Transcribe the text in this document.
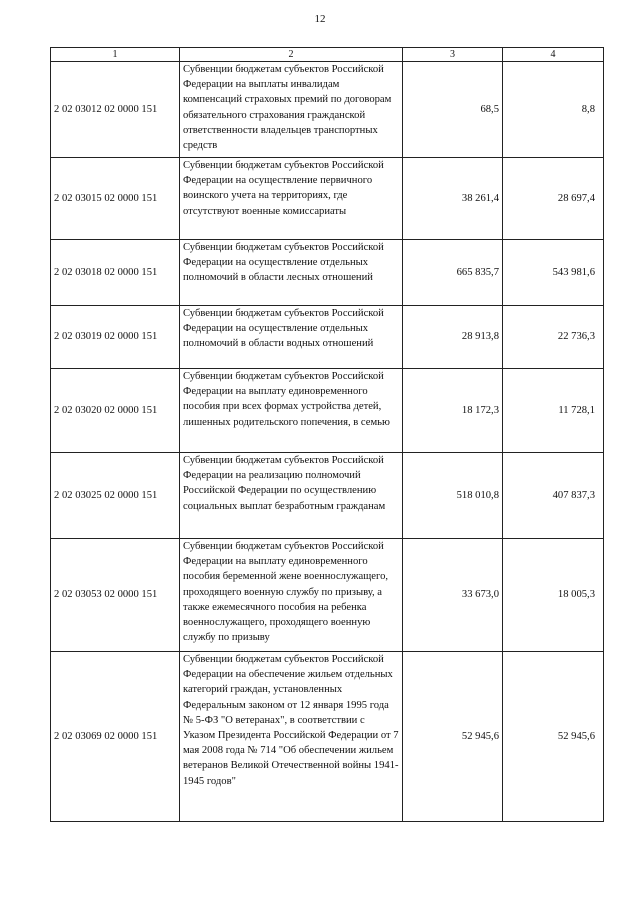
12
1	2	3	4
2 02 03012 02 0000 151	Субвенции бюджетам субъектов Российской Федерации на выплаты инвалидам компенсаций страховых премий по договорам обязательного страхования гражданской ответственности владельцев транспортных средств	68,5	8,8
2 02 03015 02 0000 151	Субвенции бюджетам субъектов Российской Федерации на осуществление первичного воинского учета на территориях, где отсутствуют военные комиссариаты	38 261,4	28 697,4
2 02 03018 02 0000 151	Субвенции бюджетам субъектов Российской Федерации на осуществление отдельных полномочий в области лесных отношений	665 835,7	543 981,6
2 02 03019 02 0000 151	Субвенции бюджетам субъектов Российской Федерации на осуществление отдельных полномочий в области водных отношений	28 913,8	22 736,3
2 02 03020 02 0000 151	Субвенции бюджетам субъектов Российской Федерации на выплату единовременного пособия при всех формах устройства детей, лишенных родительского попечения, в семью	18 172,3	11 728,1
2 02 03025 02 0000 151	Субвенции бюджетам субъектов Российской Федерации на реализацию полномочий Российской Федерации по осуществлению социальных выплат безработным гражданам	518 010,8	407 837,3
2 02 03053 02 0000 151	Субвенции бюджетам субъектов Российской Федерации на выплату единовременного пособия беременной жене военнослужащего, проходящего военную службу по призыву, а также ежемесячного пособия на ребенка военнослужащего, проходящего военную службу по призыву	33 673,0	18 005,3
2 02 03069 02 0000 151	Субвенции бюджетам субъектов Российской Федерации на обеспечение жильем отдельных категорий граждан, установленных Федеральным законом от 12 января 1995 года № 5-ФЗ "О ветеранах", в соответствии с Указом Президента Российской Федерации от 7 мая 2008 года № 714 "Об обеспечении жильем ветеранов Великой Отечественной войны 1941-1945 годов"	52 945,6	52 945,6
